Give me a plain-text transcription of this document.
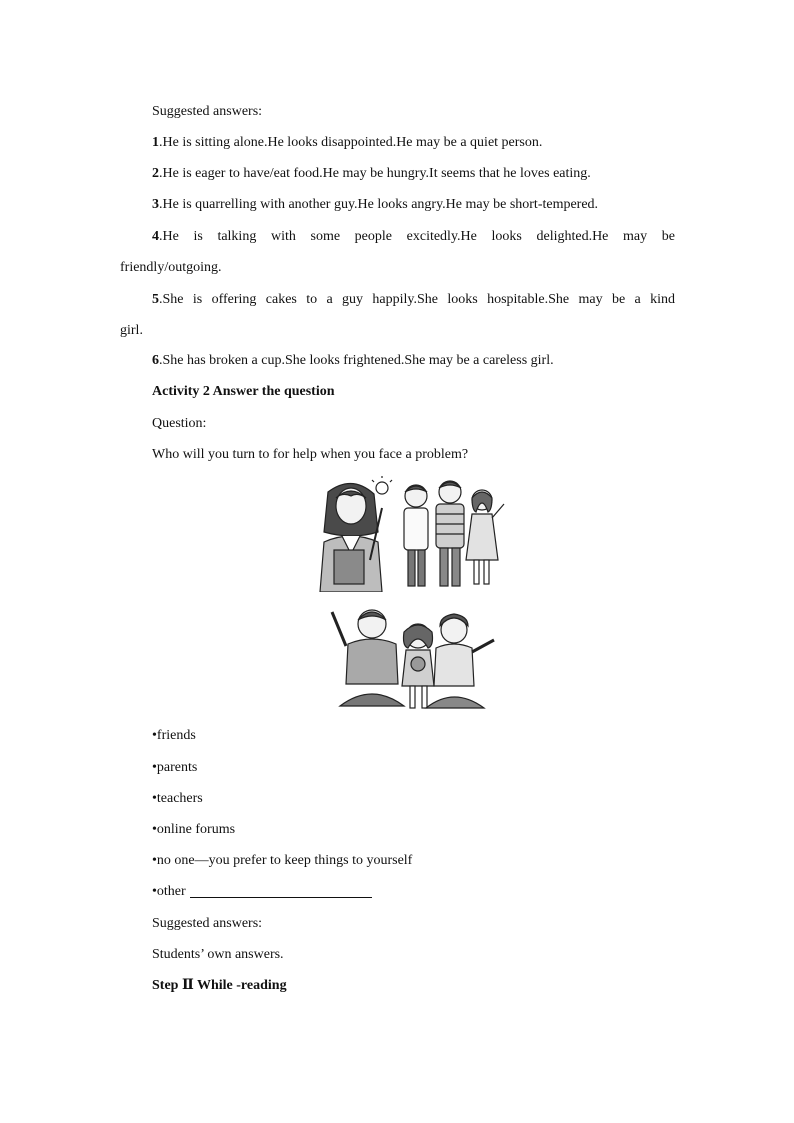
Suggested answers:
1.He is sitting alone.He looks disappointed.He may be a quiet person.
2.He is eager to have/eat food.He may be hungry.It seems that he loves eating.
3.He is quarrelling with another guy.He looks angry.He may be short-tempered.
4.He is talking with some people excitedly.He looks delighted.He may be
friendly/outgoing.
5.She is offering cakes to a guy happily.She looks hospitable.She may be a kind
girl.
6.She has broken a cup.She looks frightened.She may be a careless girl.
Activity 2 Answer the question
Question:
Who will you turn to for help when you face a problem?
•friends
•parents
•teachers
•online forums
•no one—you prefer to keep things to yourself
•other
Suggested answers:
Students’ own answers.
Step Ⅱ While -reading
